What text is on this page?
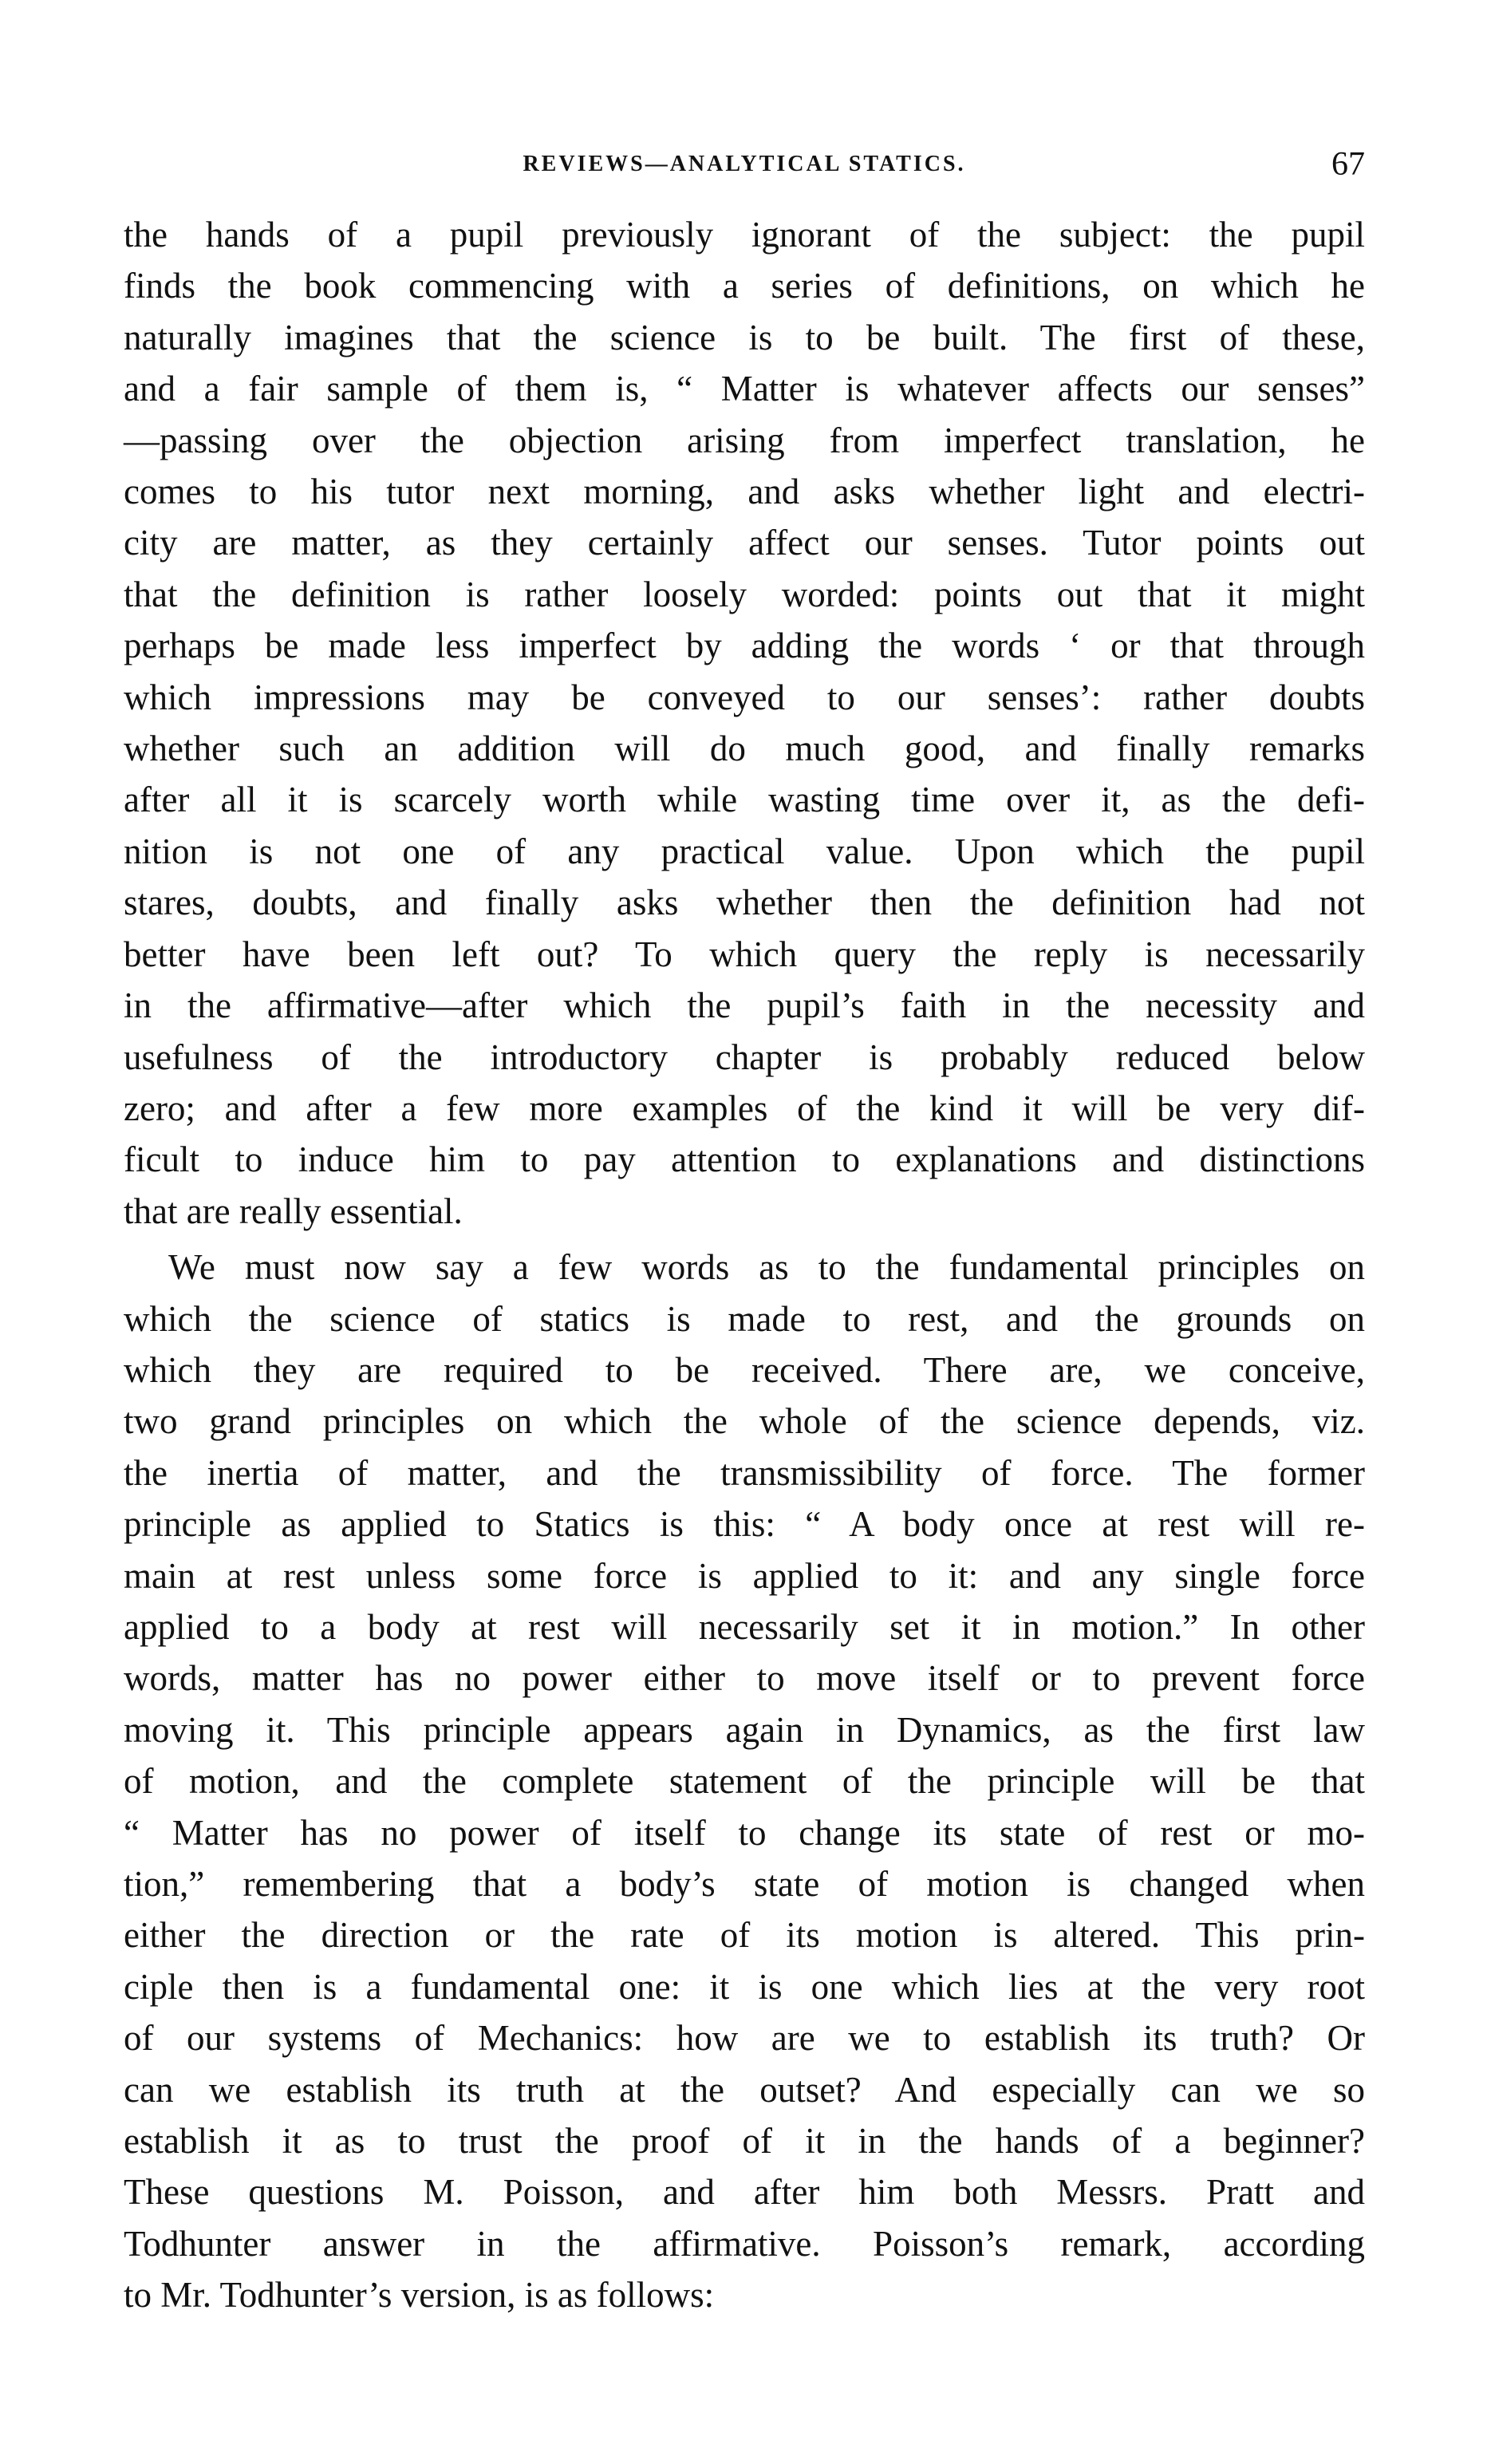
REVIEWS—ANALYTICAL STATICS.	67
the hands of a pupil previously ignorant of the subject: the pupil
finds the book commencing with a series of definitions, on which he
naturally imagines that the science is to be built. The first of these,
and a fair sample of them is, “ Matter is whatever affects our senses”
—passing over the objection arising from imperfect translation, he
comes to his tutor next morning, and asks whether light and electri-
city are matter, as they certainly affect our senses. Tutor points out
that the definition is rather loosely worded: points out that it might
perhaps be made less imperfect by adding the words ‘ or that through
which impressions may be conveyed to our senses’: rather doubts
whether such an addition will do much good, and finally remarks
after all it is scarcely worth while wasting time over it, as the defi-
nition is not one of any practical value. Upon which the pupil
stares, doubts, and finally asks whether then the definition had not
better have been left out? To which query the reply is necessarily
in the affirmative—after which the pupil’s faith in the necessity and
usefulness of the introductory chapter is probably reduced below
zero; and after a few more examples of the kind it will be very dif-
ficult to induce him to pay attention to explanations and distinctions
that are really essential.
We must now say a few words as to the fundamental principles on
which the science of statics is made to rest, and the grounds on
which they are required to be received. There are, we conceive,
two grand principles on which the whole of the science depends, viz.
the inertia of matter, and the transmissibility of force. The former
principle as applied to Statics is this: “ A body once at rest will re-
main at rest unless some force is applied to it: and any single force
applied to a body at rest will necessarily set it in motion.” In other
words, matter has no power either to move itself or to prevent force
moving it. This principle appears again in Dynamics, as the first law
of motion, and the complete statement of the principle will be that
“ Matter has no power of itself to change its state of rest or mo-
tion,” remembering that a body’s state of motion is changed when
either the direction or the rate of its motion is altered. This prin-
ciple then is a fundamental one: it is one which lies at the very root
of our systems of Mechanics: how are we to establish its truth? Or
can we establish its truth at the outset? And especially can we so
establish it as to trust the proof of it in the hands of a beginner?
These questions M. Poisson, and after him both Messrs. Pratt and
Todhunter answer in the affirmative. Poisson’s remark, according
to Mr. Todhunter’s version, is as follows:
